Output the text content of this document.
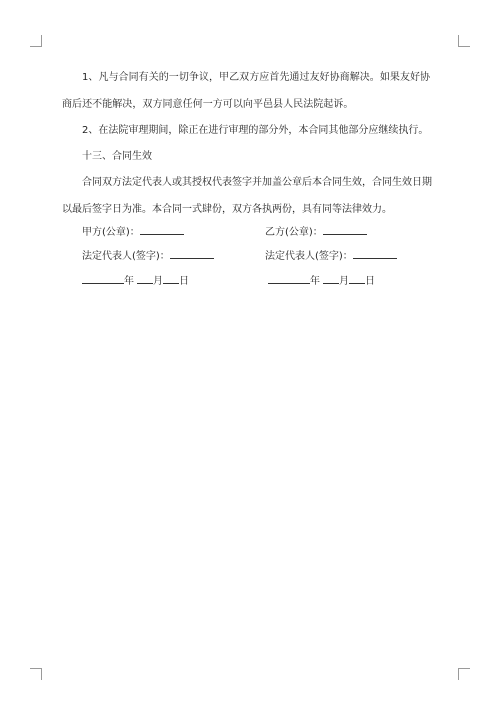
1、凡与合同有关的一切争议，甲乙双方应首先通过友好协商解决。如果友好协商后还不能解决，双方同意任何一方可以向平邑县人民法院起诉。

2、在法院审理期间，除正在进行审理的部分外，本合同其他部分应继续执行。

十三、合同生效

合同双方法定代表人或其授权代表签字并加盖公章后本合同生效，合同生效日期以最后签字日为准。本合同一式肆份，双方各执两份，具有同等法律效力。

甲方(公章)：
法定代表人(签字)：
年 月 日
乙方(公章)：
法定代表人(签字)：
年 月 日
